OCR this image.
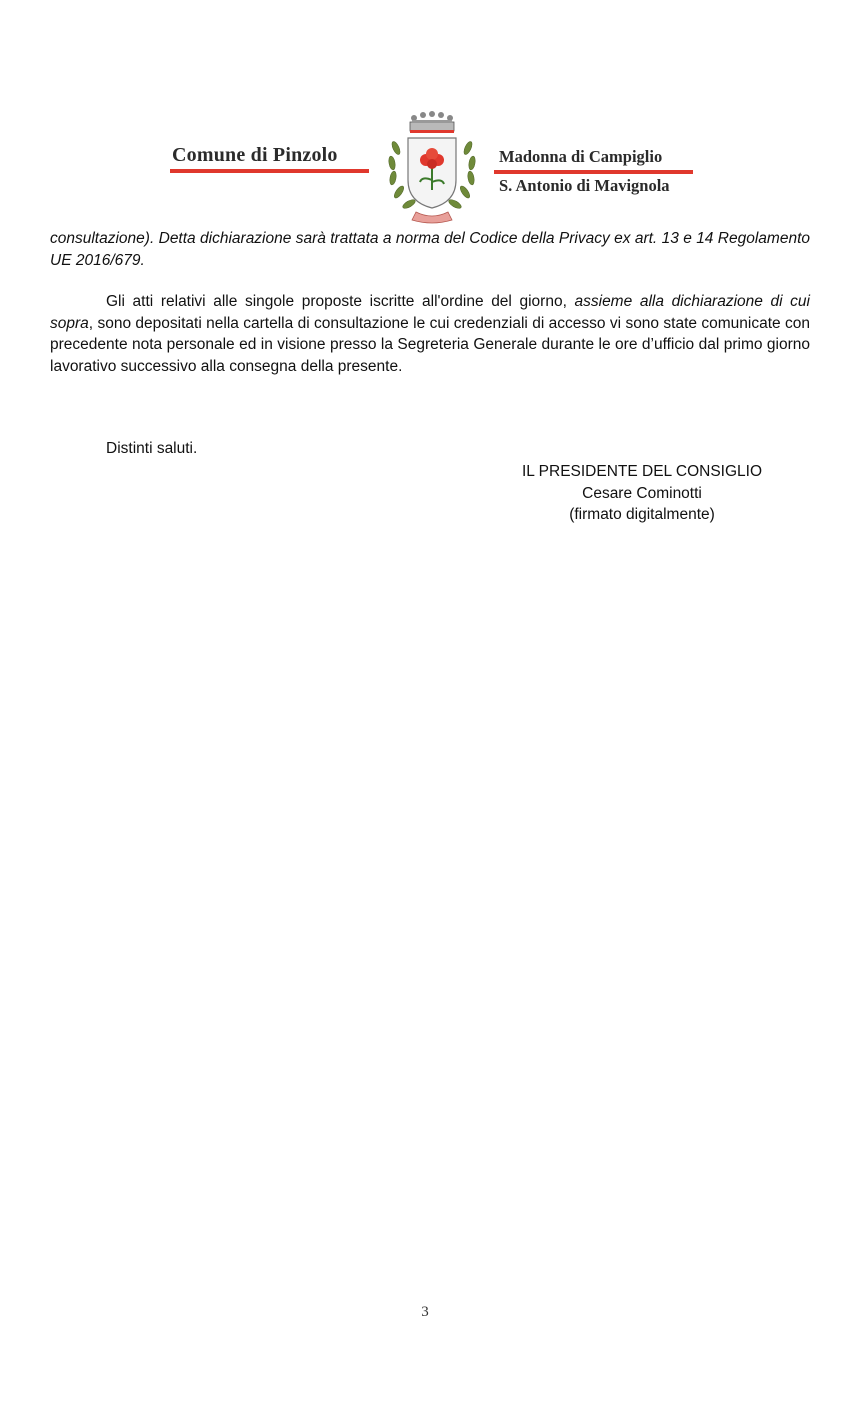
Comune di Pinzolo	Madonna di Campiglio
S. Antonio di Mavignola
consultazione). Detta dichiarazione sarà trattata a norma del Codice della Privacy ex art. 13 e 14 Regolamento UE 2016/679.
Gli atti relativi alle singole proposte iscritte all'ordine del giorno, assieme alla dichiarazione di cui sopra, sono depositati nella cartella di consultazione le cui credenziali di accesso vi sono state comunicate con precedente nota personale ed in visione presso la Segreteria Generale durante le ore d’ufficio dal primo giorno lavorativo successivo alla consegna della presente.
Distinti saluti.
IL PRESIDENTE DEL CONSIGLIO
Cesare Cominotti
(firmato digitalmente)
3
